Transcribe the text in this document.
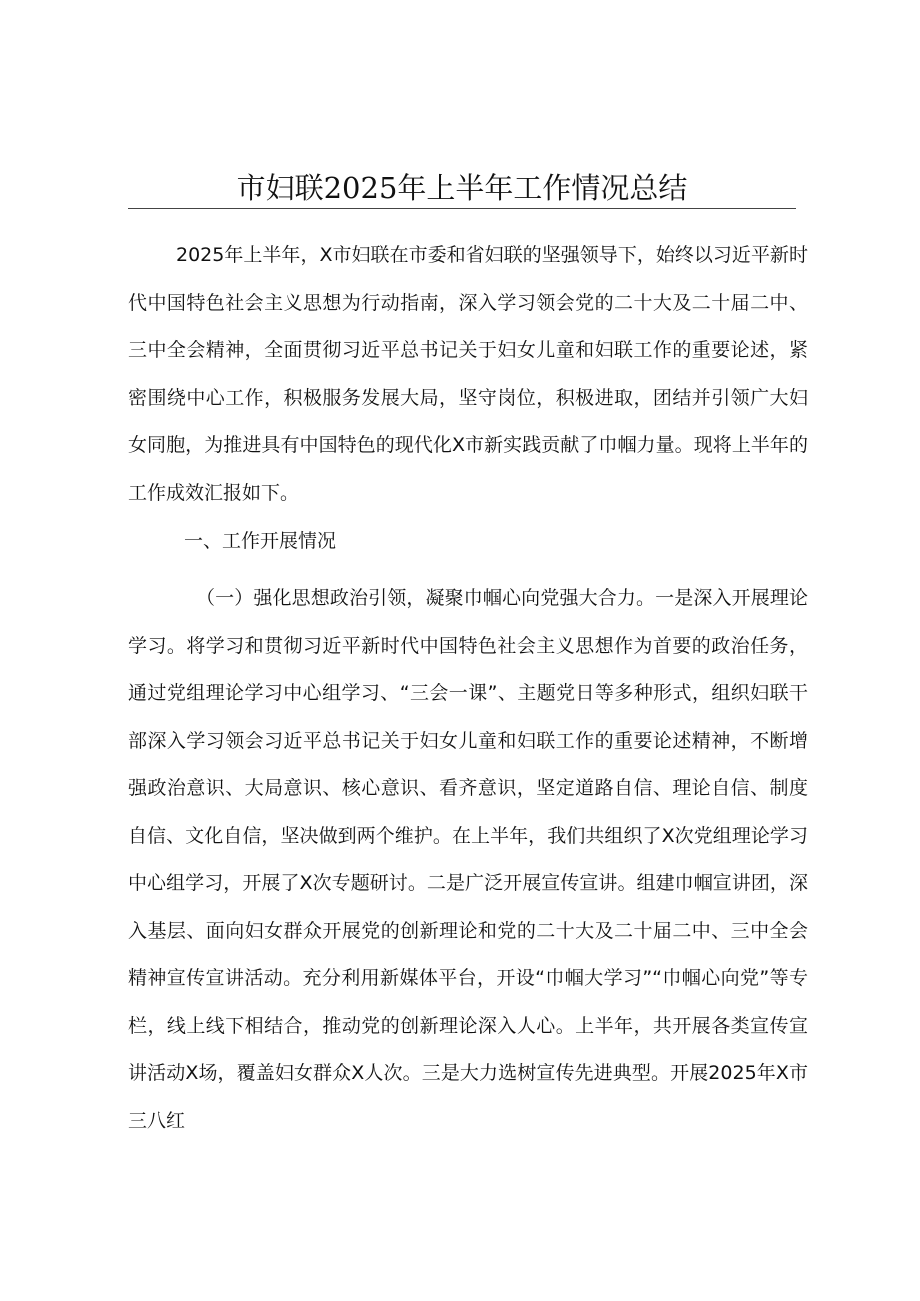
市妇联2025年上半年工作情况总结

2025年上半年，X市妇联在市委和省妇联的坚强领导下，始终以习近平新时代中国特色社会主义思想为行动指南，深入学习领会党的二十大及二十届二中、三中全会精神，全面贯彻习近平总书记关于妇女儿童和妇联工作的重要论述，紧密围绕中心工作，积极服务发展大局，坚守岗位，积极进取，团结并引领广大妇女同胞，为推进具有中国特色的现代化X市新实践贡献了巾帼力量。现将上半年的工作成效汇报如下。

一、工作开展情况

（一）强化思想政治引领，凝聚巾帼心向党强大合力。一是深入开展理论学习。将学习和贯彻习近平新时代中国特色社会主义思想作为首要的政治任务，通过党组理论学习中心组学习、“三会一课”、主题党日等多种形式，组织妇联干部深入学习领会习近平总书记关于妇女儿童和妇联工作的重要论述精神，不断增强政治意识、大局意识、核心意识、看齐意识，坚定道路自信、理论自信、制度自信、文化自信，坚决做到两个维护。在上半年，我们共组织了X次党组理论学习中心组学习，开展了X次专题研讨。二是广泛开展宣传宣讲。组建巾帼宣讲团，深入基层、面向妇女群众开展党的创新理论和党的二十大及二十届二中、三中全会精神宣传宣讲活动。充分利用新媒体平台，开设“巾帼大学习”“巾帼心向党”等专栏，线上线下相结合，推动党的创新理论深入人心。上半年，共开展各类宣传宣讲活动X场，覆盖妇女群众X人次。三是大力选树宣传先进典型。开展2025年X市三八红
